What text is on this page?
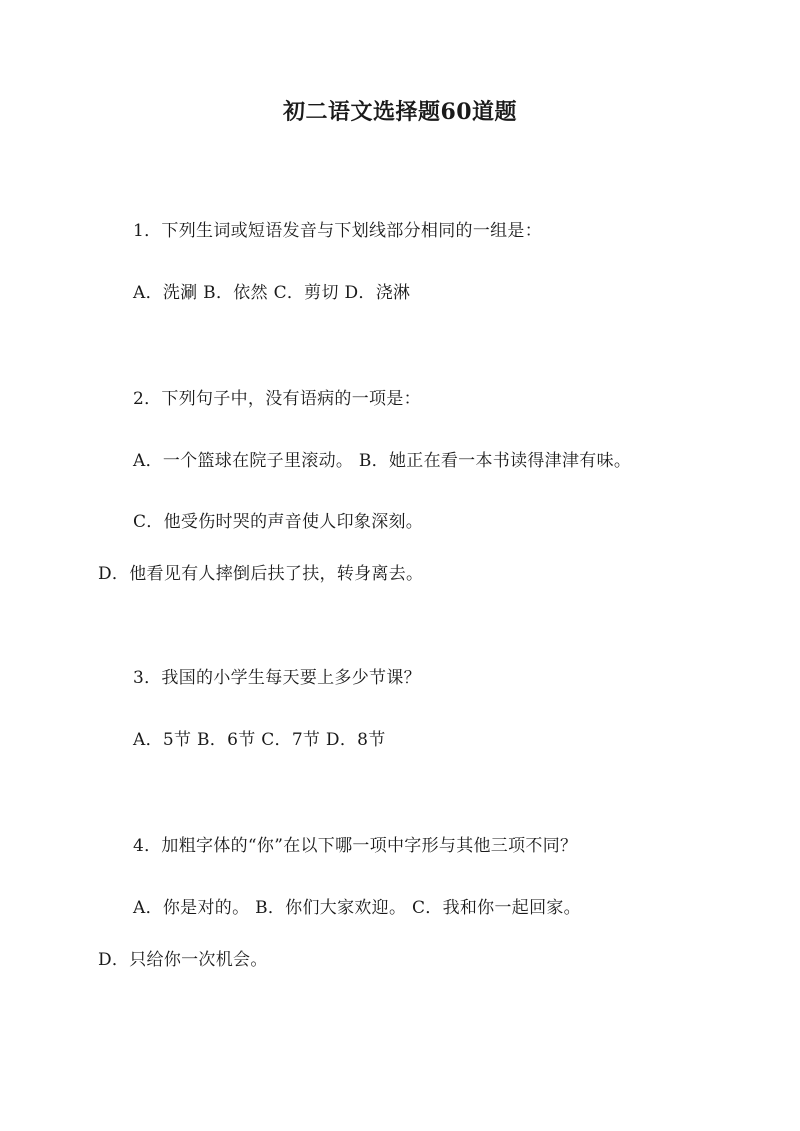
初二语文选择题60道题
1．下列生词或短语发音与下划线部分相同的一组是：
A．洗涮 B．依然 C．剪切 D．浇淋
2．下列句子中，没有语病的一项是：
A．一个篮球在院子里滚动。 B．她正在看一本书读得津津有味。
C．他受伤时哭的声音使人印象深刻。
D．他看见有人摔倒后扶了扶，转身离去。
3．我国的小学生每天要上多少节课？
A．5节 B．6节 C．7节 D．8节
4．加粗字体的“你”在以下哪一项中字形与其他三项不同？
A．你是对的。 B．你们大家欢迎。 C．我和你一起回家。
D．只给你一次机会。
